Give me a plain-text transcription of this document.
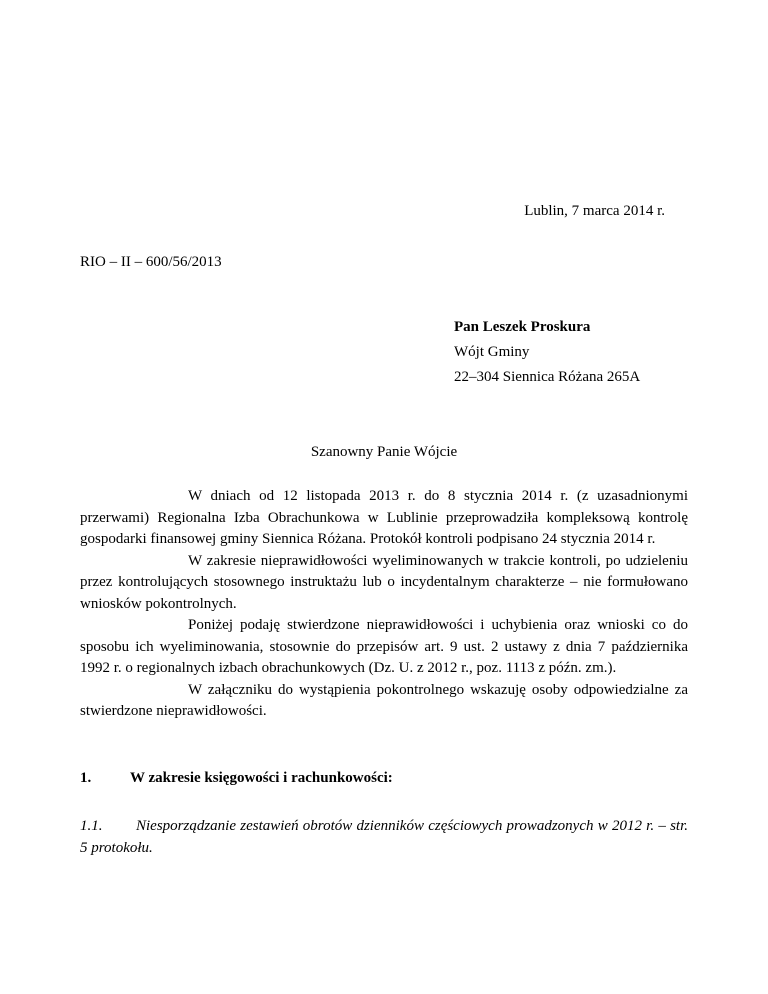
Lublin, 7 marca 2014 r.
RIO – II – 600/56/2013
Pan Leszek Proskura
Wójt Gminy
22–304 Siennica Różana 265A
Szanowny Panie Wójcie

W dniach od 12 listopada 2013 r. do 8 stycznia 2014 r. (z uzasadnionymi przerwami) Regionalna Izba Obrachunkowa w Lublinie przeprowadziła kompleksową kontrolę gospodarki finansowej gminy Siennica Różana. Protokół kontroli podpisano 24 stycznia 2014 r.

W zakresie nieprawidłowości wyeliminowanych w trakcie kontroli, po udzieleniu przez kontrolujących stosownego instruktażu lub o incydentalnym charakterze – nie formułowano wniosków pokontrolnych.

Poniżej podaję stwierdzone nieprawidłowości i uchybienia oraz wnioski co do sposobu ich wyeliminowania, stosownie do przepisów art. 9 ust. 2 ustawy z dnia 7 października 1992 r. o regionalnych izbach obrachunkowych (Dz. U. z 2012 r., poz. 1113 z późn. zm.).

W załączniku do wystąpienia pokontrolnego wskazuję osoby odpowiedzialne za stwierdzone nieprawidłowości.

1.	W zakresie księgowości i rachunkowości:
1.1. Niesporządzanie zestawień obrotów dzienników częściowych prowadzonych w 2012 r. – str. 5 protokołu.
